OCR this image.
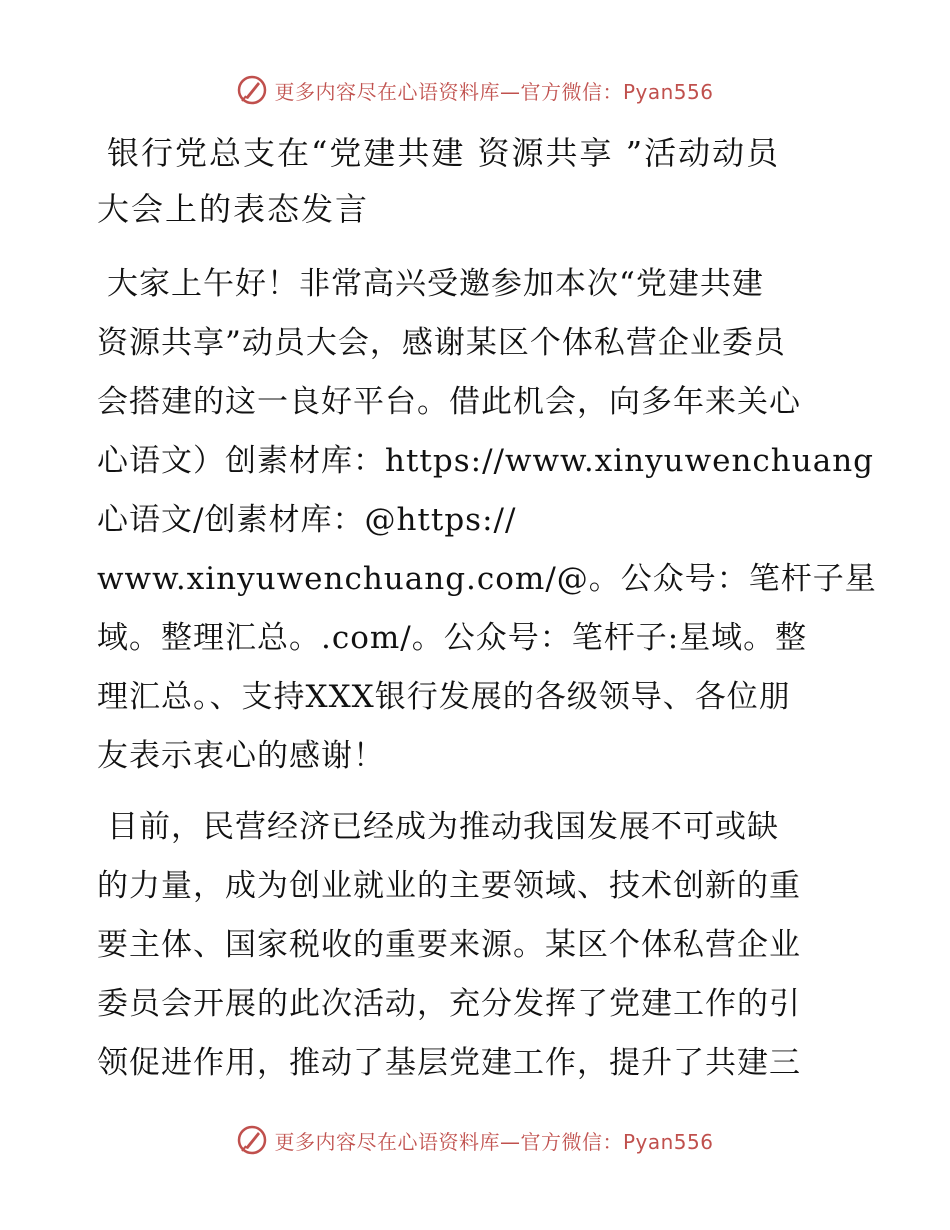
更多内容尽在心语资料库—官方微信：Pyan556
银行党总支在“党建共建 资源共享 ”活动动员
大会上的表态发言
大家上午好！非常高兴受邀参加本次“党建共建
资源共享”动员大会，感谢某区个体私营企业委员
会搭建的这一良好平台。借此机会，向多年来关心
心语文）创素材库：https://www.xinyuwenchuang
心语文/创素材库：@https://
www.xinyuwenchuang.com/@。公众号：笔杆子星
域。整理汇总。.com/。公众号：笔杆子:星域。整
理汇总。、支持XXX银行发展的各级领导、各位朋
友表示衷心的感谢！
目前，民营经济已经成为推动我国发展不可或缺
的力量，成为创业就业的主要领域、技术创新的重
要主体、国家税收的重要来源。某区个体私营企业
委员会开展的此次活动，充分发挥了党建工作的引
领促进作用，推动了基层党建工作，提升了共建三
更多内容尽在心语资料库—官方微信：Pyan556
